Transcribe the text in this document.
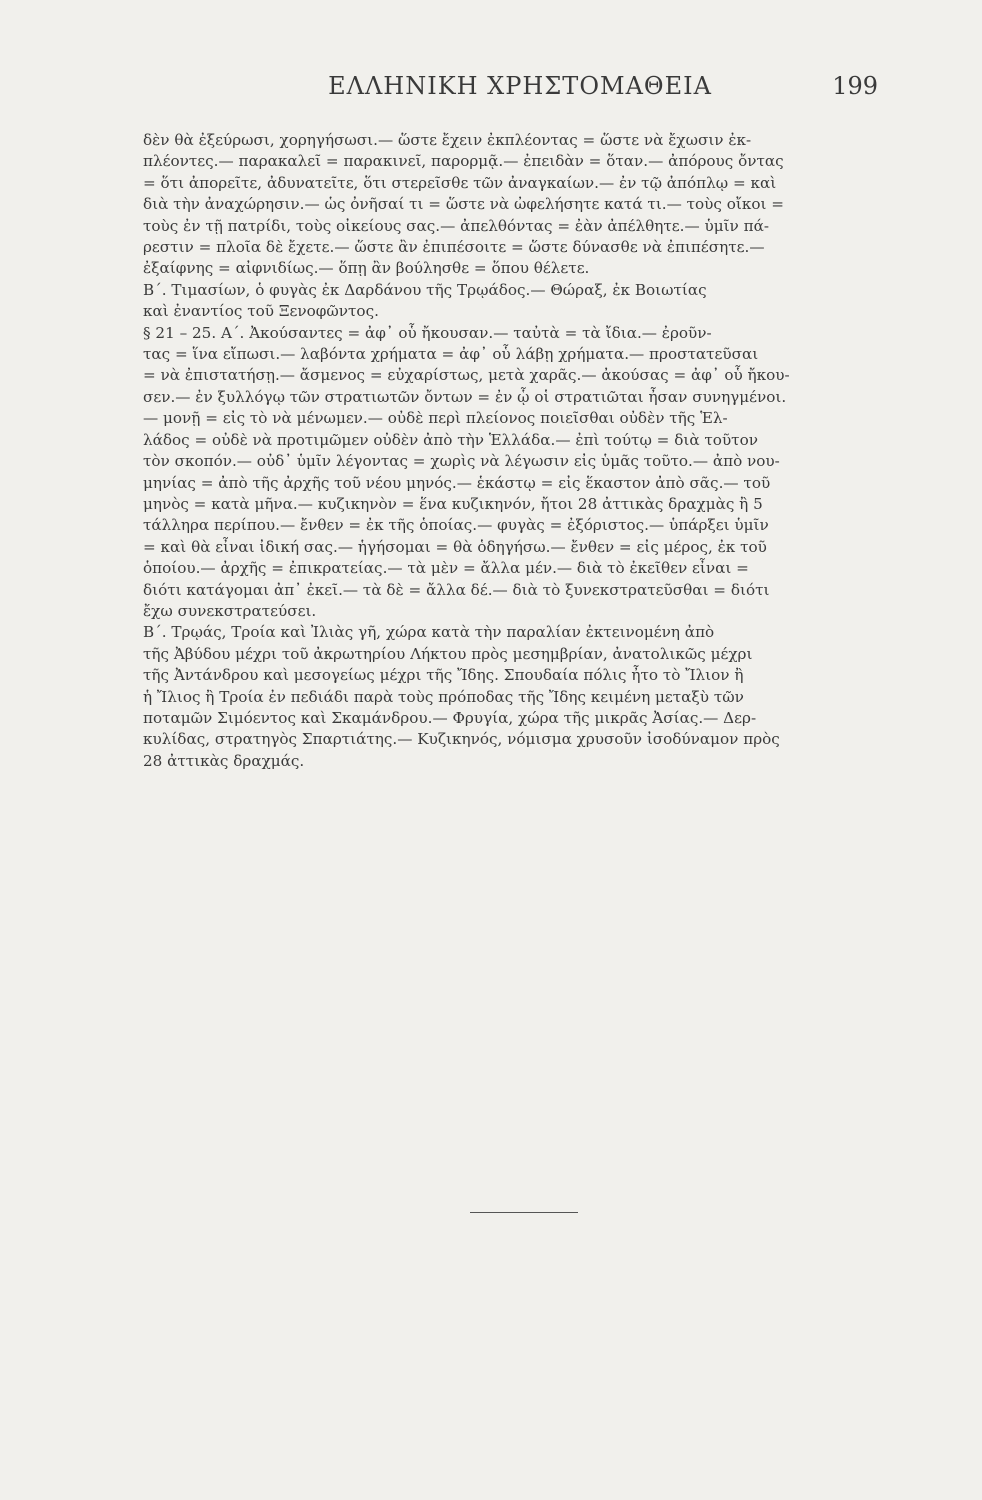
ΕΛΛΗΝΙΚΗ ΧΡΗΣΤΟΜΑΘΕΙΑ	199
δὲν θὰ ἐξεύρωσι, χορηγήσωσι.— ὥστε ἔχειν ἐκπλέοντας = ὥστε νὰ ἔχωσιν ἐκ-
πλέοντες.— παρακαλεῖ = παρακινεῖ, παρορμᾷ.— ἐπειδὰν = ὅταν.— ἀπόρους ὄντας
= ὅτι ἀπορεῖτε, ἀδυνατεῖτε, ὅτι στερεῖσθε τῶν ἀναγκαίων.— ἐν τῷ ἀπόπλῳ = καὶ
διὰ τὴν ἀναχώρησιν.— ὡς ὀνῆσαί τι = ὥστε νὰ ὠφελήσητε κατά τι.— τοὺς οἴκοι =
τοὺς ἐν τῇ πατρίδι, τοὺς οἰκείους σας.— ἀπελθόντας = ἐὰν ἀπέλθητε.— ὑμῖν πά-
ρεστιν = πλοῖα δὲ ἔχετε.— ὥστε ἂν ἐπιπέσοιτε = ὥστε δύνασθε νὰ ἐπιπέσητε.—
ἐξαίφνης = αἰφνιδίως.— ὅπῃ ἂν βούλησθε = ὅπου θέλετε.
Β΄. Τιμασίων, ὁ φυγὰς ἐκ Δαρδάνου τῆς Τρῳάδος.— Θώραξ, ἐκ Βοιωτίας
καὶ ἐναντίος τοῦ Ξενοφῶντος.
§ 21 – 25. Α΄. Ἀκούσαντες = ἀφ᾽ οὗ ἤκουσαν.— ταὐτὰ = τὰ ἴδια.— ἐροῦν-
τας = ἵνα εἴπωσι.— λαβόντα χρήματα = ἀφ᾽ οὗ λάβῃ χρήματα.— προστατεῦσαι
= νὰ ἐπιστατήσῃ.— ἄσμενος = εὐχαρίστως, μετὰ χαρᾶς.— ἀκούσας = ἀφ᾽ οὗ ἤκου-
σεν.— ἐν ξυλλόγῳ τῶν στρατιωτῶν ὄντων = ἐν ᾧ οἱ στρατιῶται ἦσαν συνηγμένοι.
— μονῇ = εἰς τὸ νὰ μένωμεν.— οὐδὲ περὶ πλείονος ποιεῖσθαι οὐδὲν τῆς Ἑλ-
λάδος = οὐδὲ νὰ προτιμῶμεν οὐδὲν ἀπὸ τὴν Ἑλλάδα.— ἐπὶ τούτῳ = διὰ τοῦτον
τὸν σκοπόν.— οὐδ᾽ ὑμῖν λέγοντας = χωρὶς νὰ λέγωσιν εἰς ὑμᾶς τοῦτο.— ἀπὸ νου-
μηνίας = ἀπὸ τῆς ἀρχῆς τοῦ νέου μηνός.— ἑκάστῳ = εἰς ἕκαστον ἀπὸ σᾶς.— τοῦ
μηνὸς = κατὰ μῆνα.— κυζικηνὸν = ἕνα κυζικηνόν, ἤτοι 28 ἀττικὰς δραχμὰς ἢ 5
τάλληρα περίπου.— ἔνθεν = ἐκ τῆς ὁποίας.— φυγὰς = ἐξόριστος.— ὑπάρξει ὑμῖν
= καὶ θὰ εἶναι ἰδική σας.— ἡγήσομαι = θὰ ὁδηγήσω.— ἔνθεν = εἰς μέρος, ἐκ τοῦ
ὁποίου.— ἀρχῆς = ἐπικρατείας.— τὰ μὲν = ἄλλα μέν.— διὰ τὸ ἐκεῖθεν εἶναι =
διότι κατάγομαι ἀπ᾽ ἐκεῖ.— τὰ δὲ = ἄλλα δέ.— διὰ τὸ ξυνεκστρατεῦσθαι = διότι
ἔχω συνεκστρατεύσει.
Β΄. Τρῳάς, Τροία καὶ Ἰλιὰς γῆ, χώρα κατὰ τὴν παραλίαν ἐκτεινομένη ἀπὸ
τῆς Ἀβύδου μέχρι τοῦ ἀκρωτηρίου Λήκτου πρὸς μεσημβρίαν, ἀνατολικῶς μέχρι
τῆς Ἀντάνδρου καὶ μεσογείως μέχρι τῆς Ἴδης. Σπουδαία πόλις ἦτο τὸ Ἴλιον ἢ
ἡ Ἴλιος ἢ Τροία ἐν πεδιάδι παρὰ τοὺς πρόποδας τῆς Ἴδης κειμένη μεταξὺ τῶν
ποταμῶν Σιμόεντος καὶ Σκαμάνδρου.— Φρυγία, χώρα τῆς μικρᾶς Ἀσίας.— Δερ-
κυλίδας, στρατηγὸς Σπαρτιάτης.— Κυζικηνός, νόμισμα χρυσοῦν ἰσοδύναμον πρὸς
28 ἀττικὰς δραχμάς.
